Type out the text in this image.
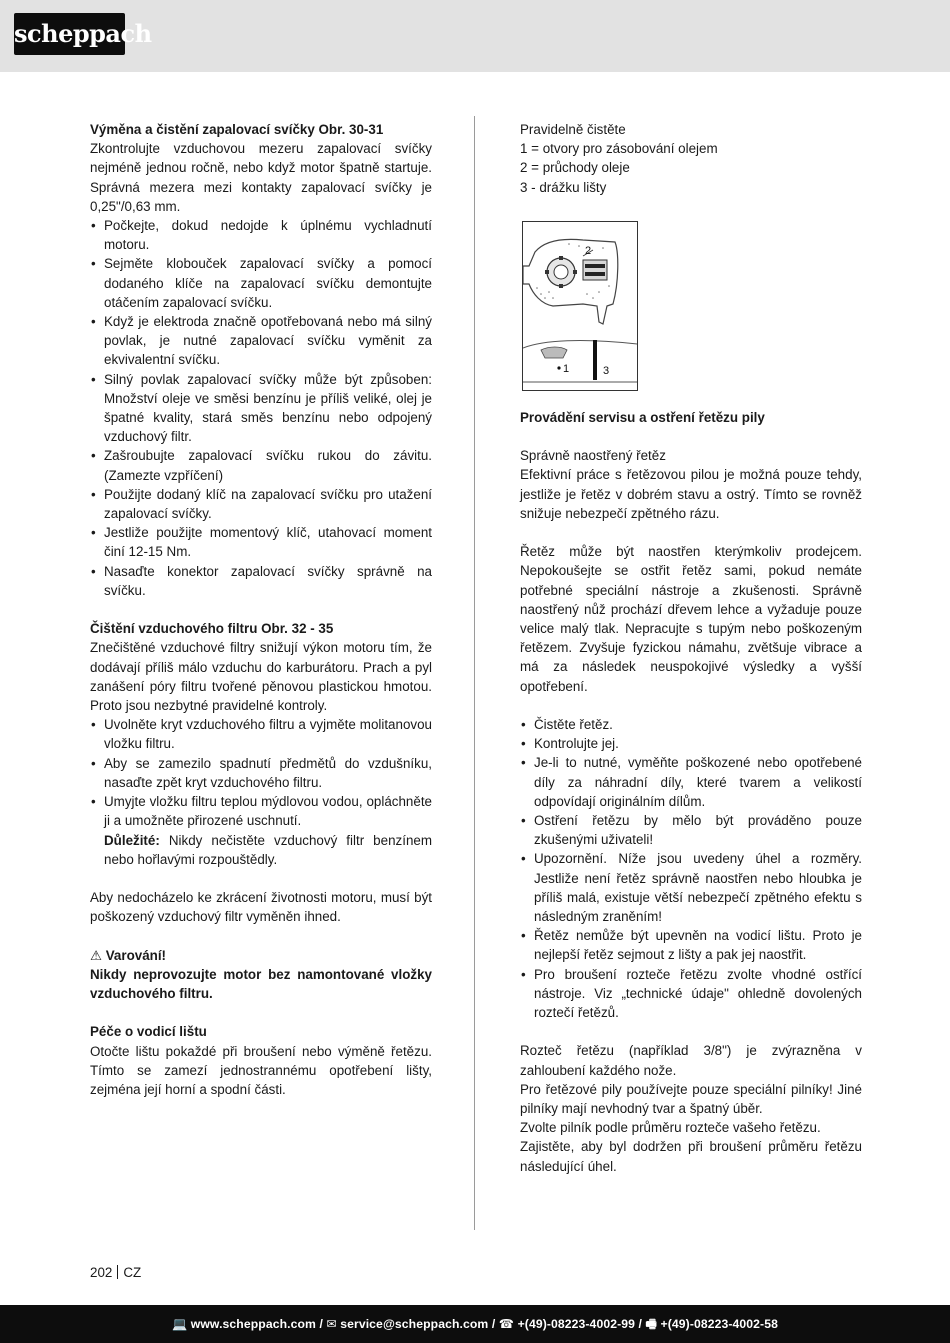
scheppach

Výměna a čistění zapalovací svíčky Obr. 30-31

Zkontrolujte vzduchovou mezeru zapalovací svíčky nejméně jednou ročně, nebo když motor špatně startuje. Správná mezera mezi kontakty zapalovací svíčky je 0,25"/0,63 mm.

• Počkejte, dokud nedojde k úplnému vychladnutí motoru.
• Sejměte klobouček zapalovací svíčky a pomocí dodaného klíče na zapalovací svíčku demontujte otáčením zapalovací svíčku.
• Když je elektroda značně opotřebovaná nebo má silný povlak, je nutné zapalovací svíčku vyměnit za ekvivalentní svíčku.
• Silný povlak zapalovací svíčky může být způsoben: Množství oleje ve směsi benzínu je příliš veliké, olej je špatné kvality, stará směs benzínu nebo odpojený vzduchový filtr.
• Zašroubujte zapalovací svíčku rukou do závitu. (Zamezte vzpříčení)
• Použijte dodaný klíč na zapalovací svíčku pro utažení zapalovací svíčky.
• Jestliže použijte momentový klíč, utahovací moment činí 12-15 Nm.
• Nasaďte konektor zapalovací svíčky správně na svíčku.

Čištění vzduchového filtru Obr. 32 - 35

Znečištěné vzduchové filtry snižují výkon motoru tím, že dodávají příliš málo vzduchu do karburátoru. Prach a pyl zanášení póry filtru tvořené pěnovou plastickou hmotou. Proto jsou nezbytné pravidelné kontroly.

• Uvolněte kryt vzduchového filtru a vyjměte molitanovou vložku filtru.
• Aby se zamezilo spadnutí předmětů do vzdušníku, nasaďte zpět kryt vzduchového filtru.
• Umyjte vložku filtru teplou mýdlovou vodou, opláchněte ji a umožněte přirozené uschnutí.

Důležité: Nikdy nečistěte vzduchový filtr benzínem nebo hořlavými rozpouštědly.

Aby nedocházelo ke zkrácení životnosti motoru, musí být poškozený vzduchový filtr vyměněn ihned.

⚠ Varování!

Nikdy neprovozujte motor bez namontované vložky vzduchového filtru.

Péče o vodicí lištu

Otočte lištu pokaždé při broušení nebo výměně řetězu. Tímto se zamezí jednostrannému opotřebení lišty, zejména její horní a spodní části.

Pravidelně čistěte

1 = otvory pro zásobování olejem

2 = průchody oleje

3 - drážku lišty

Provádění servisu a ostření řetězu pily

Správně naostřený řetěz

Efektivní práce s řetězovou pilou je možná pouze tehdy, jestliže je řetěz v dobrém stavu a ostrý. Tímto se rovněž snižuje nebezpečí zpětného rázu.

Řetěz může být naostřen kterýmkoliv prodejcem. Nepokoušejte se ostřit řetěz sami, pokud nemáte potřebné speciální nástroje a zkušenosti. Správně naostřený nůž prochází dřevem lehce a vyžaduje pouze velice malý tlak. Nepracujte s tupým nebo poškozeným řetězem. Zvyšuje fyzickou námahu, zvětšuje vibrace a má za následek neuspokojivé výsledky a vyšší opotřebení.

• Čistěte řetěz.
• Kontrolujte jej.
• Je-li to nutné, vyměňte poškozené nebo opotřebené díly za náhradní díly, které tvarem a velikostí odpovídají originálním dílům.
• Ostření řetězu by mělo být prováděno pouze zkušenými uživateli!
• Upozornění. Níže jsou uvedeny úhel a rozměry. Jestliže není řetěz správně naostřen nebo hloubka je příliš malá, existuje větší nebezpečí zpětného efektu s následným zraněním!
• Řetěz nemůže být upevněn na vodicí lištu. Proto je nejlepší řetěz sejmout z lišty a pak jej naostřit.
• Pro broušení rozteče řetězu zvolte vhodné ostřící nástroje. Viz „technické údaje" ohledně dovolených roztečí řetězů.

Rozteč řetězu (například 3/8") je zvýrazněna v zahloubení každého nože.

Pro řetězové pily používejte pouze speciální pilníky! Jiné pilníky mají nevhodný tvar a špatný úběr.

Zvolte pilník podle průměru rozteče vašeho řetězu.

Zajistěte, aby byl dodržen při broušení průměru řetězu následující úhel.

2
1	3
202 CZ
💻 www.scheppach.com / ✉ service@scheppach.com / ☎ +(49)-08223-4002-99 / 🖷 +(49)-08223-4002-58
